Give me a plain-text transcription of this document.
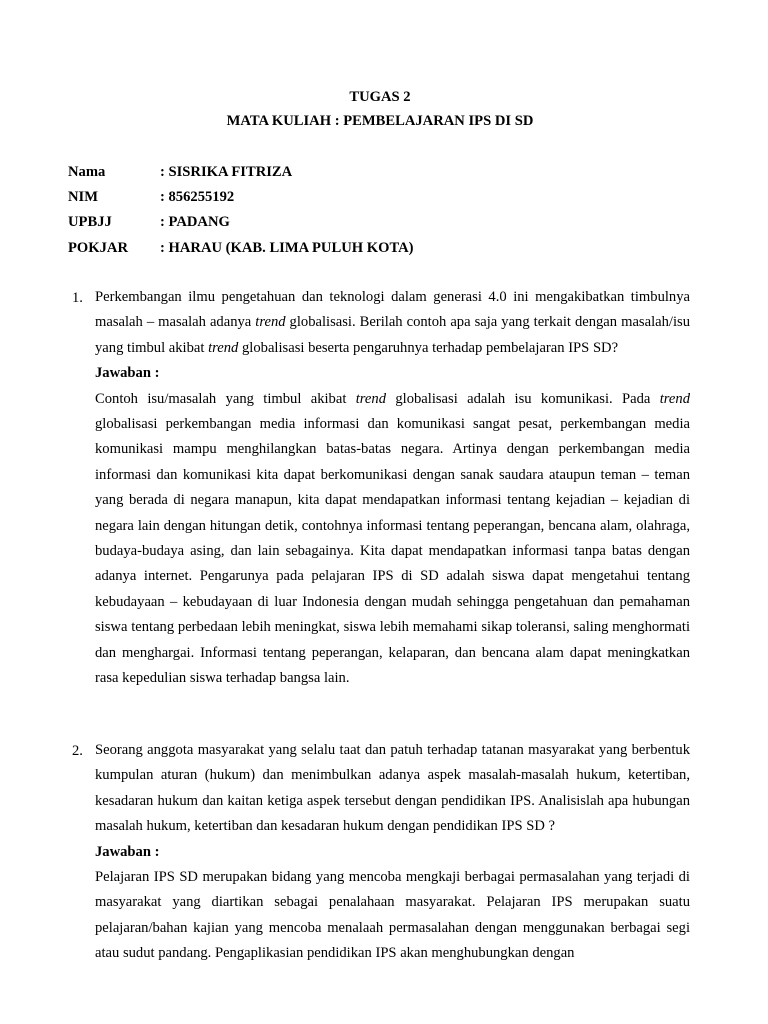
TUGAS 2
MATA KULIAH : PEMBELAJARAN IPS DI SD
Nama	: SISRIKA FITRIZA
NIM	: 856255192
UPBJJ	: PADANG
POKJAR : HARAU (KAB. LIMA PULUH KOTA)
1. Perkembangan ilmu pengetahuan dan teknologi dalam generasi 4.0 ini mengakibatkan timbulnya masalah – masalah adanya trend globalisasi. Berilah contoh apa saja yang terkait dengan masalah/isu yang timbul akibat trend globalisasi beserta pengaruhnya terhadap pembelajaran IPS SD?

Jawaban :

Contoh isu/masalah yang timbul akibat trend globalisasi adalah isu komunikasi. Pada trend globalisasi perkembangan media informasi dan komunikasi sangat pesat, perkembangan media komunikasi mampu menghilangkan batas-batas negara. Artinya dengan perkembangan media informasi dan komunikasi kita dapat berkomunikasi dengan sanak saudara ataupun teman – teman yang berada di negara manapun, kita dapat mendapatkan informasi tentang kejadian – kejadian di negara lain dengan hitungan detik, contohnya informasi tentang peperangan, bencana alam, olahraga, budaya-budaya asing, dan lain sebagainya. Kita dapat mendapatkan informasi tanpa batas dengan adanya internet. Pengarunya pada pelajaran IPS di SD adalah siswa dapat mengetahui tentang kebudayaan – kebudayaan di luar Indonesia dengan mudah sehingga pengetahuan dan pemahaman siswa tentang perbedaan lebih meningkat, siswa lebih memahami sikap toleransi, saling menghormati dan menghargai. Informasi tentang peperangan, kelaparan, dan bencana alam dapat meningkatkan rasa kepedulian siswa terhadap bangsa lain.

2. Seorang anggota masyarakat yang selalu taat dan patuh terhadap tatanan masyarakat yang berbentuk kumpulan aturan (hukum) dan menimbulkan adanya aspek masalah-masalah hukum, ketertiban, kesadaran hukum dan kaitan ketiga aspek tersebut dengan pendidikan IPS. Analisislah apa hubungan masalah hukum, ketertiban dan kesadaran hukum dengan pendidikan IPS SD ?

Jawaban :

Pelajaran IPS SD merupakan bidang yang mencoba mengkaji berbagai permasalahan yang terjadi di masyarakat yang diartikan sebagai penalahaan masyarakat. Pelajaran IPS merupakan suatu pelajaran/bahan kajian yang mencoba menalaah permasalahan dengan menggunakan berbagai segi atau sudut pandang. Pengaplikasian pendidikan IPS akan menghubungkan dengan
